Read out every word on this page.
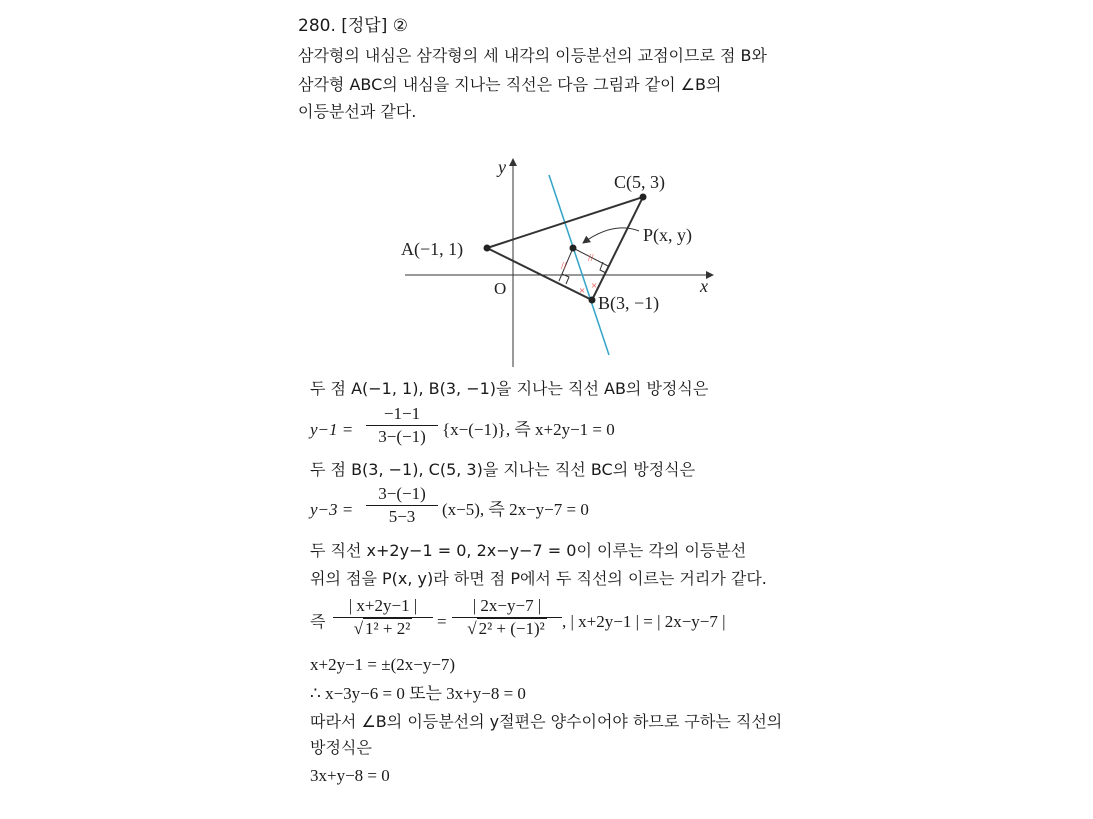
280. [정답] ②
삼각형의 내심은 삼각형의 세 내각의 이등분선의 교점이므로 점 B와
삼각형 ABC의 내심을 지나는 직선은 다음 그림과 같이 ∠B의
이등분선과 같다.
x
y
O
//
//
× ×
A(−1, 1)
B(3, −1)
C(5, 3)
P(x, y)
두 점 A(−1, 1), B(3, −1)을 지나는 직선 AB의 방정식은
y−1 =
−1−1
3−(−1) {x−(−1)}, 즉 x+2y−1 = 0
두 점 B(3, −1), C(5, 3)을 지나는 직선 BC의 방정식은
y−3 =
3−(−1)
5−3	(x−5), 즉 2x−y−7 = 0
두 직선 x+2y−1 = 0, 2x−y−7 = 0이 이루는 각의 이등분선
위의 점을 P(x, y)라 하면 점 P에서 두 직선의 이르는 거리가 같다.
즉
| x+2y−1 |
√ 1² + 2²	=
| 2x−y−7 |
√ 2² + (−1)²	, | x+2y−1 | = | 2x−y−7 |
x+2y−1 = ±(2x−y−7)
∴ x−3y−6 = 0 또는 3x+y−8 = 0
따라서 ∠B의 이등분선의 y절편은 양수이어야 하므로 구하는 직선의
방정식은
3x+y−8 = 0
